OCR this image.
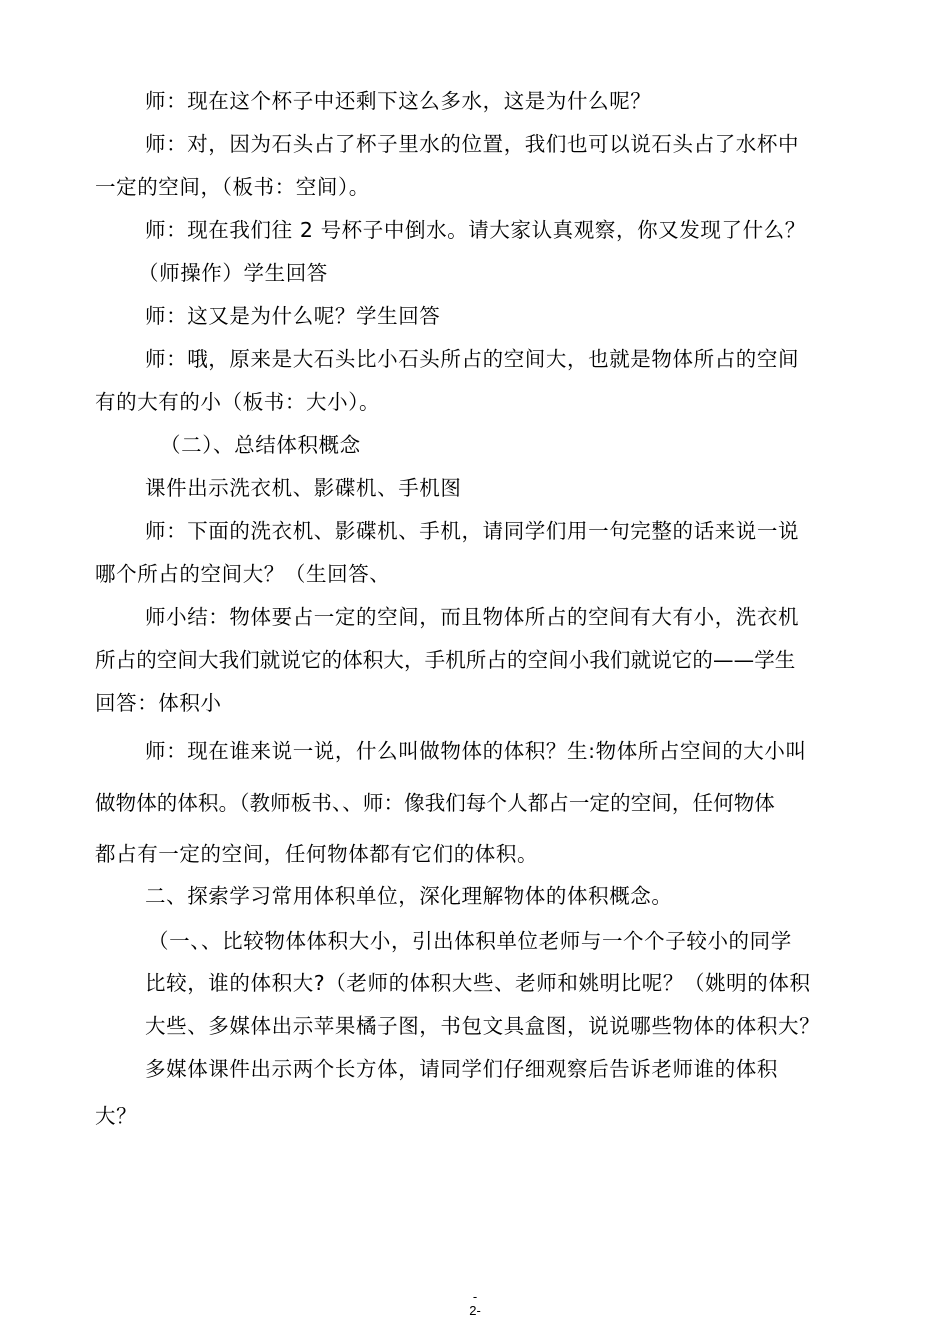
师：现在这个杯子中还剩下这么多水，这是为什么呢？
师：对，因为石头占了杯子里水的位置，我们也可以说石头占了水杯中
一定的空间，（板书：空间）。
师：现在我们往 2 号杯子中倒水。请大家认真观察，你又发现了什么？
（师操作）学生回答
师：这又是为什么呢？学生回答
师：哦，原来是大石头比小石头所占的空间大，也就是物体所占的空间
有的大有的小（板书：大小）。
（二）、总结体积概念
课件出示洗衣机、影碟机、手机图
师：下面的洗衣机、影碟机、手机，请同学们用一句完整的话来说一说
哪个所占的空间大？（生回答、
师小结：物体要占一定的空间，而且物体所占的空间有大有小，洗衣机
所占的空间大我们就说它的体积大，手机所占的空间小我们就说它的——学生
回答：体积小
师：现在谁来说一说，什么叫做物体的体积？生:物体所占空间的大小叫
做物体的体积。（教师板书、、师：像我们每个人都占一定的空间，任何物体
都占有一定的空间，任何物体都有它们的体积。
二、探索学习常用体积单位，深化理解物体的体积概念。
（一、、比较物体体积大小，引出体积单位老师与一个个子较小的同学
比较，谁的体积大?（老师的体积大些、老师和姚明比呢？（姚明的体积
大些、多媒体出示苹果橘子图，书包文具盒图，说说哪些物体的体积大？
多媒体课件出示两个长方体，请同学们仔细观察后告诉老师谁的体积
大？
-
2-
